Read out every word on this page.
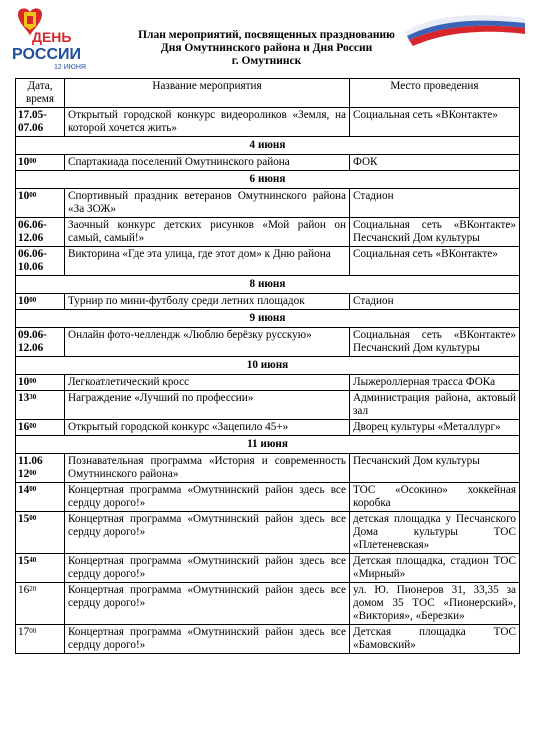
ДЕНЬ
РОССИИ
12 ИЮНЯ
План мероприятий, посвященных празднованию
Дня Омутнинского района и Дня России
г. Омутнинск
Дата, время	Название мероприятия	Место проведения

17.05-07.06	Открытый городской конкурс видеороликов «Земля, на которой хочется жить»	Социальная сеть «ВКонтакте»
4 июня		

$10^{00}$	Спартакиада поселений Омутнинского района	ФОК
6 июня		

$10^{00}$	Спортивный праздник ветеранов Омутнинского района «За ЗОЖ»	Стадион

06.06-12.06	Заочный конкурс детских рисунков «Мой район он самый, самый!»	Социальная сеть «ВКонтакте» Песчанский Дом культуры

06.06-10.06	Викторина «Где эта улица, где этот дом» к Дню района	Социальная сеть «ВКонтакте»
8 июня		

$10^{00}$	Турнир по мини-футболу среди летних площадок	Стадион
9 июня		

09.06-12.06	Онлайн фото-челлендж «Люблю берёзку русскую»	Социальная сеть «ВКонтакте» Песчанский Дом культуры
10 июня		

$10^{00}$	Легкоатлетический кросс	Лыжероллерная трасса ФОКа

$13^{30}$	Награждение «Лучший по профессии»	Администрация района, актовый зал

$16^{00}$	Открытый городской конкурс «Зацепило 45+»	Дворец культуры «Металлург»
11 июня		

11.06
$12^{00}$	Познавательная программа «История и современность Омутнинского района»	Песчанский Дом культуры

$14^{00}$	Концертная программа «Омутнинский район здесь все сердцу дорого!»	ТОС «Осокино» хоккейная коробка

$15^{00}$	Концертная программа «Омутнинский район здесь все сердцу дорого!»	детская площадка у Песчанского Дома культуры ТОС «Плетеневская»

$15^{40}$	Концертная программа «Омутнинский район здесь все сердцу дорого!»	Детская площадка, стадион ТОС «Мирный»

$16^{20}$	Концертная программа «Омутнинский район здесь все сердцу дорого!»	ул. Ю. Пионеров 31, 33,35 за домом 35 ТОС «Пионерский», «Виктория», «Березки»

$17^{00}$	Концертная программа «Омутнинский район здесь все сердцу дорого!»	Детская площадка ТОС «Бамовский»
